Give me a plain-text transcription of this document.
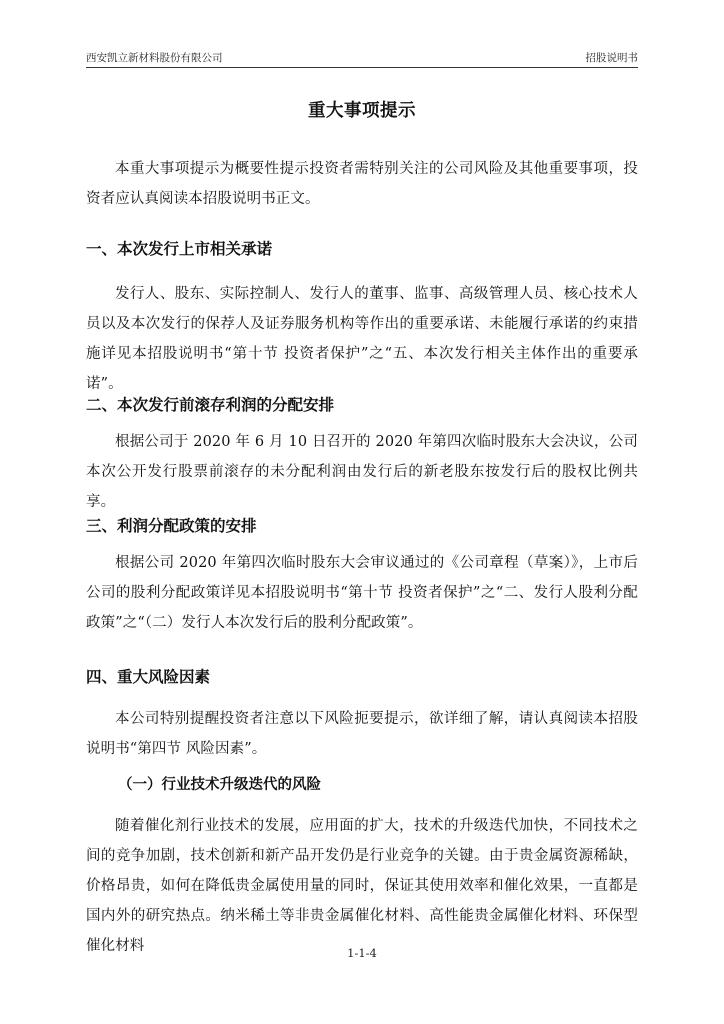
西安凯立新材料股份有限公司	招股说明书
重大事项提示

本重大事项提示为概要性提示投资者需特别关注的公司风险及其他重要事项，投资者应认真阅读本招股说明书正文。

一、本次发行上市相关承诺

发行人、股东、实际控制人、发行人的董事、监事、高级管理人员、核心技术人员以及本次发行的保荐人及证券服务机构等作出的重要承诺、未能履行承诺的约束措施详见本招股说明书“第十节 投资者保护”之“五、本次发行相关主体作出的重要承诺”。

二、本次发行前滚存利润的分配安排

根据公司于 2020 年 6 月 10 日召开的 2020 年第四次临时股东大会决议，公司本次公开发行股票前滚存的未分配利润由发行后的新老股东按发行后的股权比例共享。

三、利润分配政策的安排

根据公司 2020 年第四次临时股东大会审议通过的《公司章程（草案）》，上市后公司的股利分配政策详见本招股说明书“第十节 投资者保护”之“二、发行人股利分配政策”之“（二）发行人本次发行后的股利分配政策”。

四、重大风险因素

本公司特别提醒投资者注意以下风险扼要提示，欲详细了解，请认真阅读本招股说明书“第四节 风险因素”。

（一）行业技术升级迭代的风险

随着催化剂行业技术的发展，应用面的扩大，技术的升级迭代加快，不同技术之间的竞争加剧，技术创新和新产品开发仍是行业竞争的关键。由于贵金属资源稀缺，价格昂贵，如何在降低贵金属使用量的同时，保证其使用效率和催化效果，一直都是国内外的研究热点。纳米稀土等非贵金属催化材料、高性能贵金属催化材料、环保型催化材料	1-1-4
